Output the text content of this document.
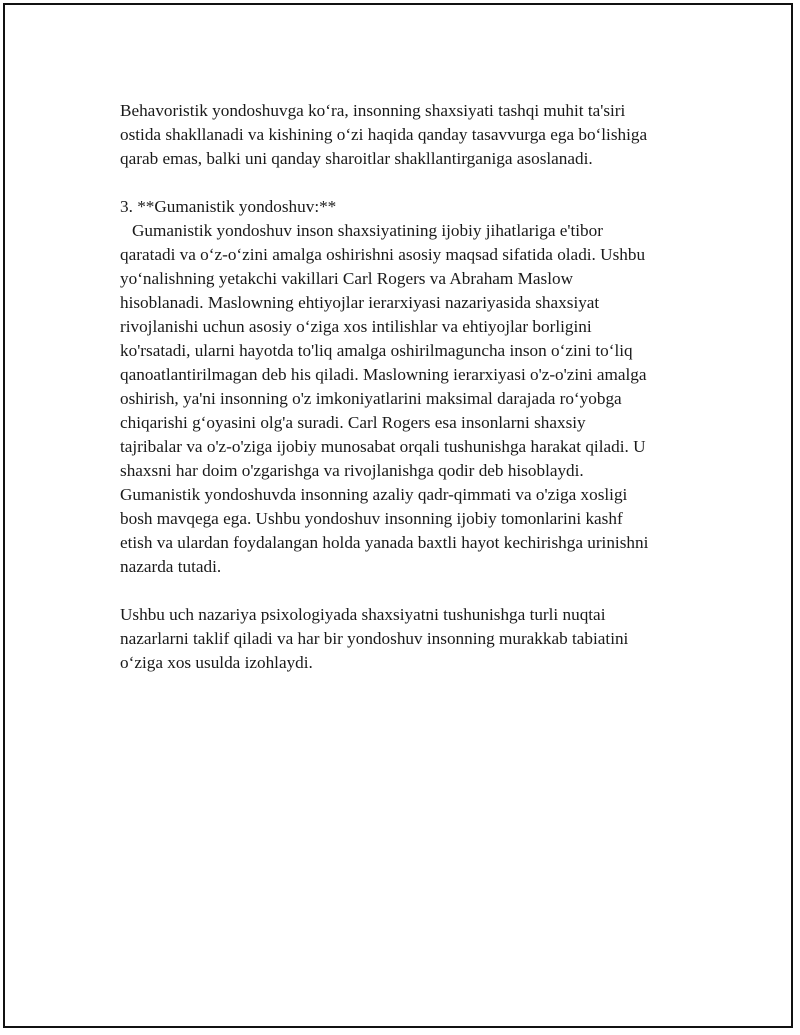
Behavoristik yondoshuvga ko‘ra, insonning shaxsiyati tashqi muhit ta'siri
ostida shakllanadi va kishining o‘zi haqida qanday tasavvurga ega bo‘lishiga
qarab emas, balki uni qanday sharoitlar shakllantirganiga asoslanadi.
3. **Gumanistik yondoshuv:**
Gumanistik yondoshuv inson shaxsiyatining ijobiy jihatlariga e'tibor
qaratadi va o‘z-o‘zini amalga oshirishni asosiy maqsad sifatida oladi. Ushbu
yo‘nalishning yetakchi vakillari Carl Rogers va Abraham Maslow
hisoblanadi. Maslowning ehtiyojlar ierarxiyasi nazariyasida shaxsiyat
rivojlanishi uchun asosiy o‘ziga xos intilishlar va ehtiyojlar borligini
ko'rsatadi, ularni hayotda to'liq amalga oshirilmaguncha inson o‘zini to‘liq
qanoatlantirilmagan deb his qiladi. Maslowning ierarxiyasi o'z-o'zini amalga
oshirish, ya'ni insonning o'z imkoniyatlarini maksimal darajada ro‘yobga
chiqarishi g‘oyasini olg'a suradi. Carl Rogers esa insonlarni shaxsiy
tajribalar va o'z-o'ziga ijobiy munosabat orqali tushunishga harakat qiladi. U
shaxsni har doim o'zgarishga va rivojlanishga qodir deb hisoblaydi.
Gumanistik yondoshuvda insonning azaliy qadr-qimmati va o'ziga xosligi
bosh mavqega ega. Ushbu yondoshuv insonning ijobiy tomonlarini kashf
etish va ulardan foydalangan holda yanada baxtli hayot kechirishga urinishni
nazarda tutadi.
Ushbu uch nazariya psixologiyada shaxsiyatni tushunishga turli nuqtai
nazarlarni taklif qiladi va har bir yondoshuv insonning murakkab tabiatini
o‘ziga xos usulda izohlaydi.
